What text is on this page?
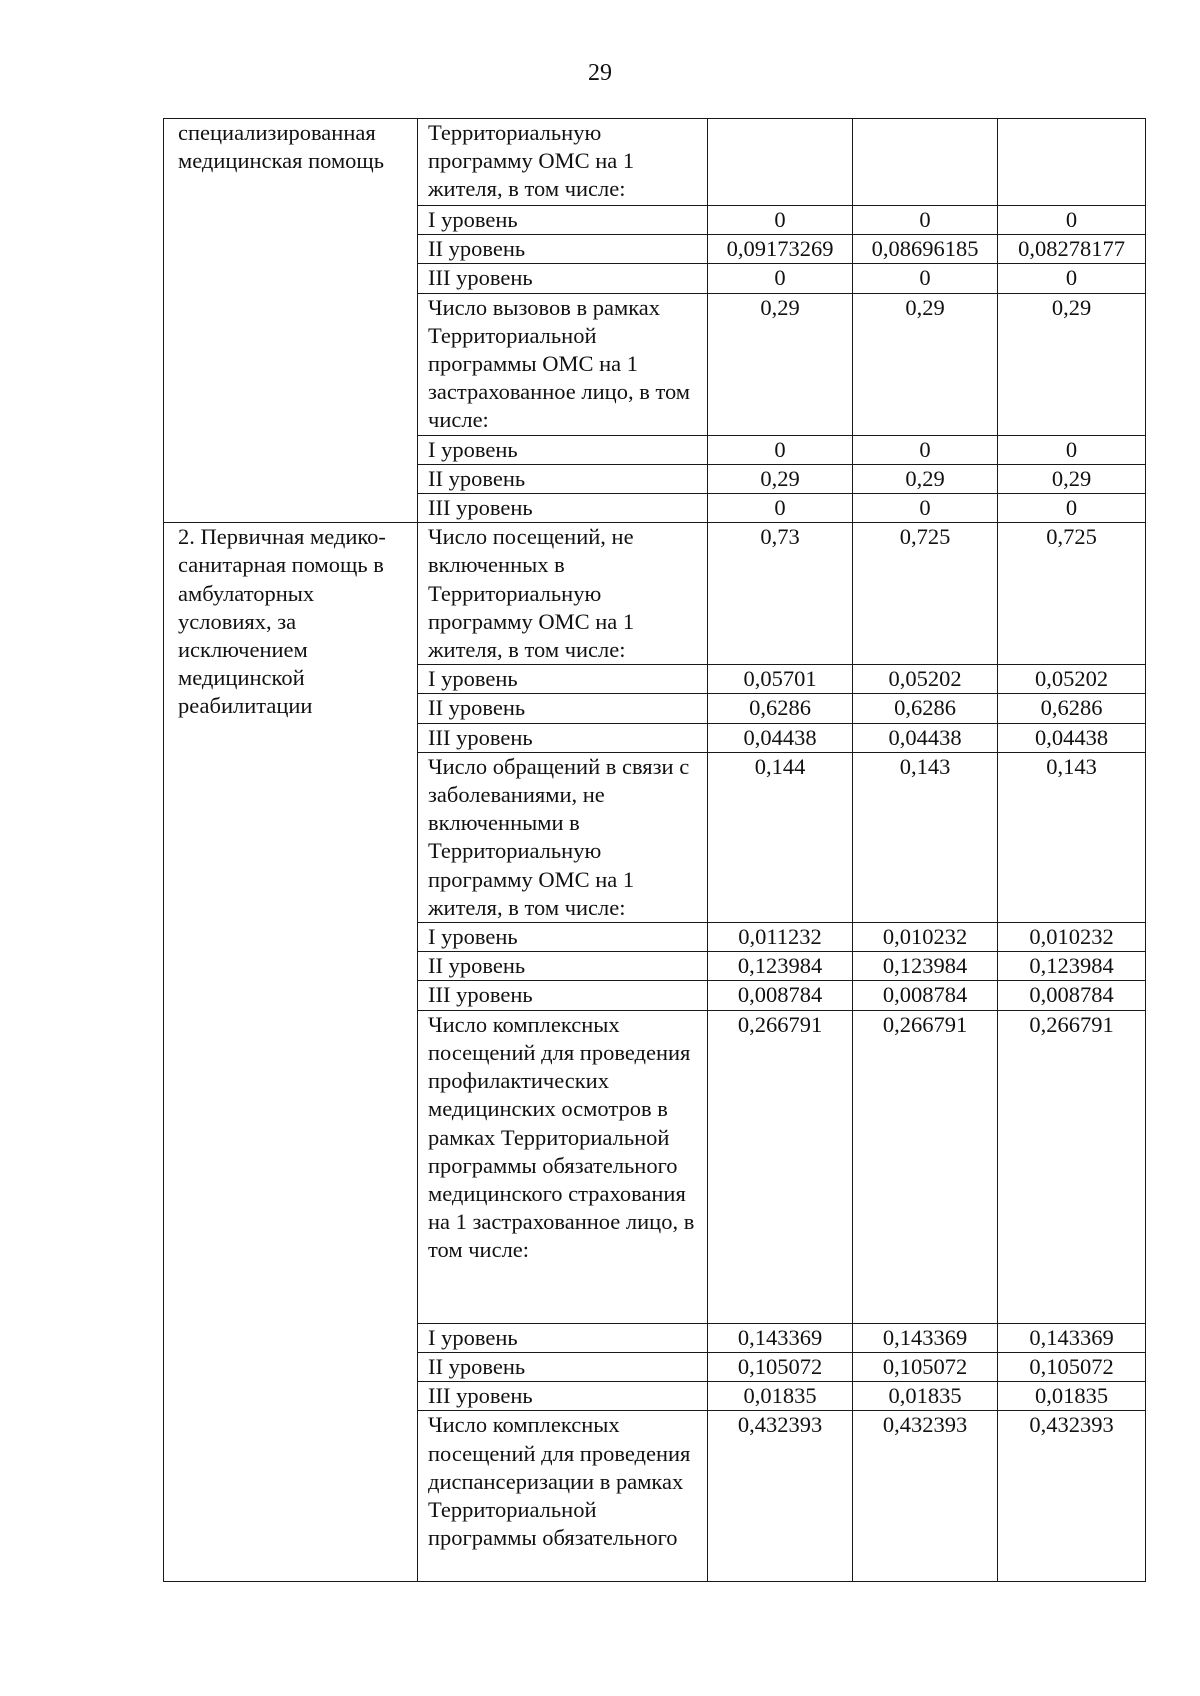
29
специализированная медицинская помощь	Территориальную программу ОМС на 1 жителя, в том числе:			
	I уровень	0	0	0
	II уровень	0,09173269	0,08696185	0,08278177
	III уровень	0	0	0
	Число вызовов в рамках Территориальной программы ОМС на 1 застрахованное лицо, в том числе:	0,29	0,29	0,29
	I уровень	0	0	0
	II уровень	0,29	0,29	0,29
	III уровень	0	0	0
2. Первичная медико-санитарная помощь в амбулаторных условиях, за исключением медицинской реабилитации	Число посещений, не включенных в Территориальную программу ОМС на 1 жителя, в том числе:	0,73	0,725	0,725
	I уровень	0,05701	0,05202	0,05202
	II уровень	0,6286	0,6286	0,6286
	III уровень	0,04438	0,04438	0,04438
	Число обращений в связи с заболеваниями, не включенными в Территориальную программу ОМС на 1 жителя, в том числе:	0,144	0,143	0,143
	I уровень	0,011232	0,010232	0,010232
	II уровень	0,123984	0,123984	0,123984
	III уровень	0,008784	0,008784	0,008784
	Число комплексных посещений для проведения профилактических медицинских осмотров в рамках Территориальной программы обязательного медицинского страхования на 1 застрахованное лицо, в том числе:	0,266791	0,266791	0,266791
	I уровень	0,143369	0,143369	0,143369
	II уровень	0,105072	0,105072	0,105072
	III уровень	0,01835	0,01835	0,01835
	Число комплексных посещений для проведения диспансеризации в рамках Территориальной программы обязательного	0,432393	0,432393	0,432393
